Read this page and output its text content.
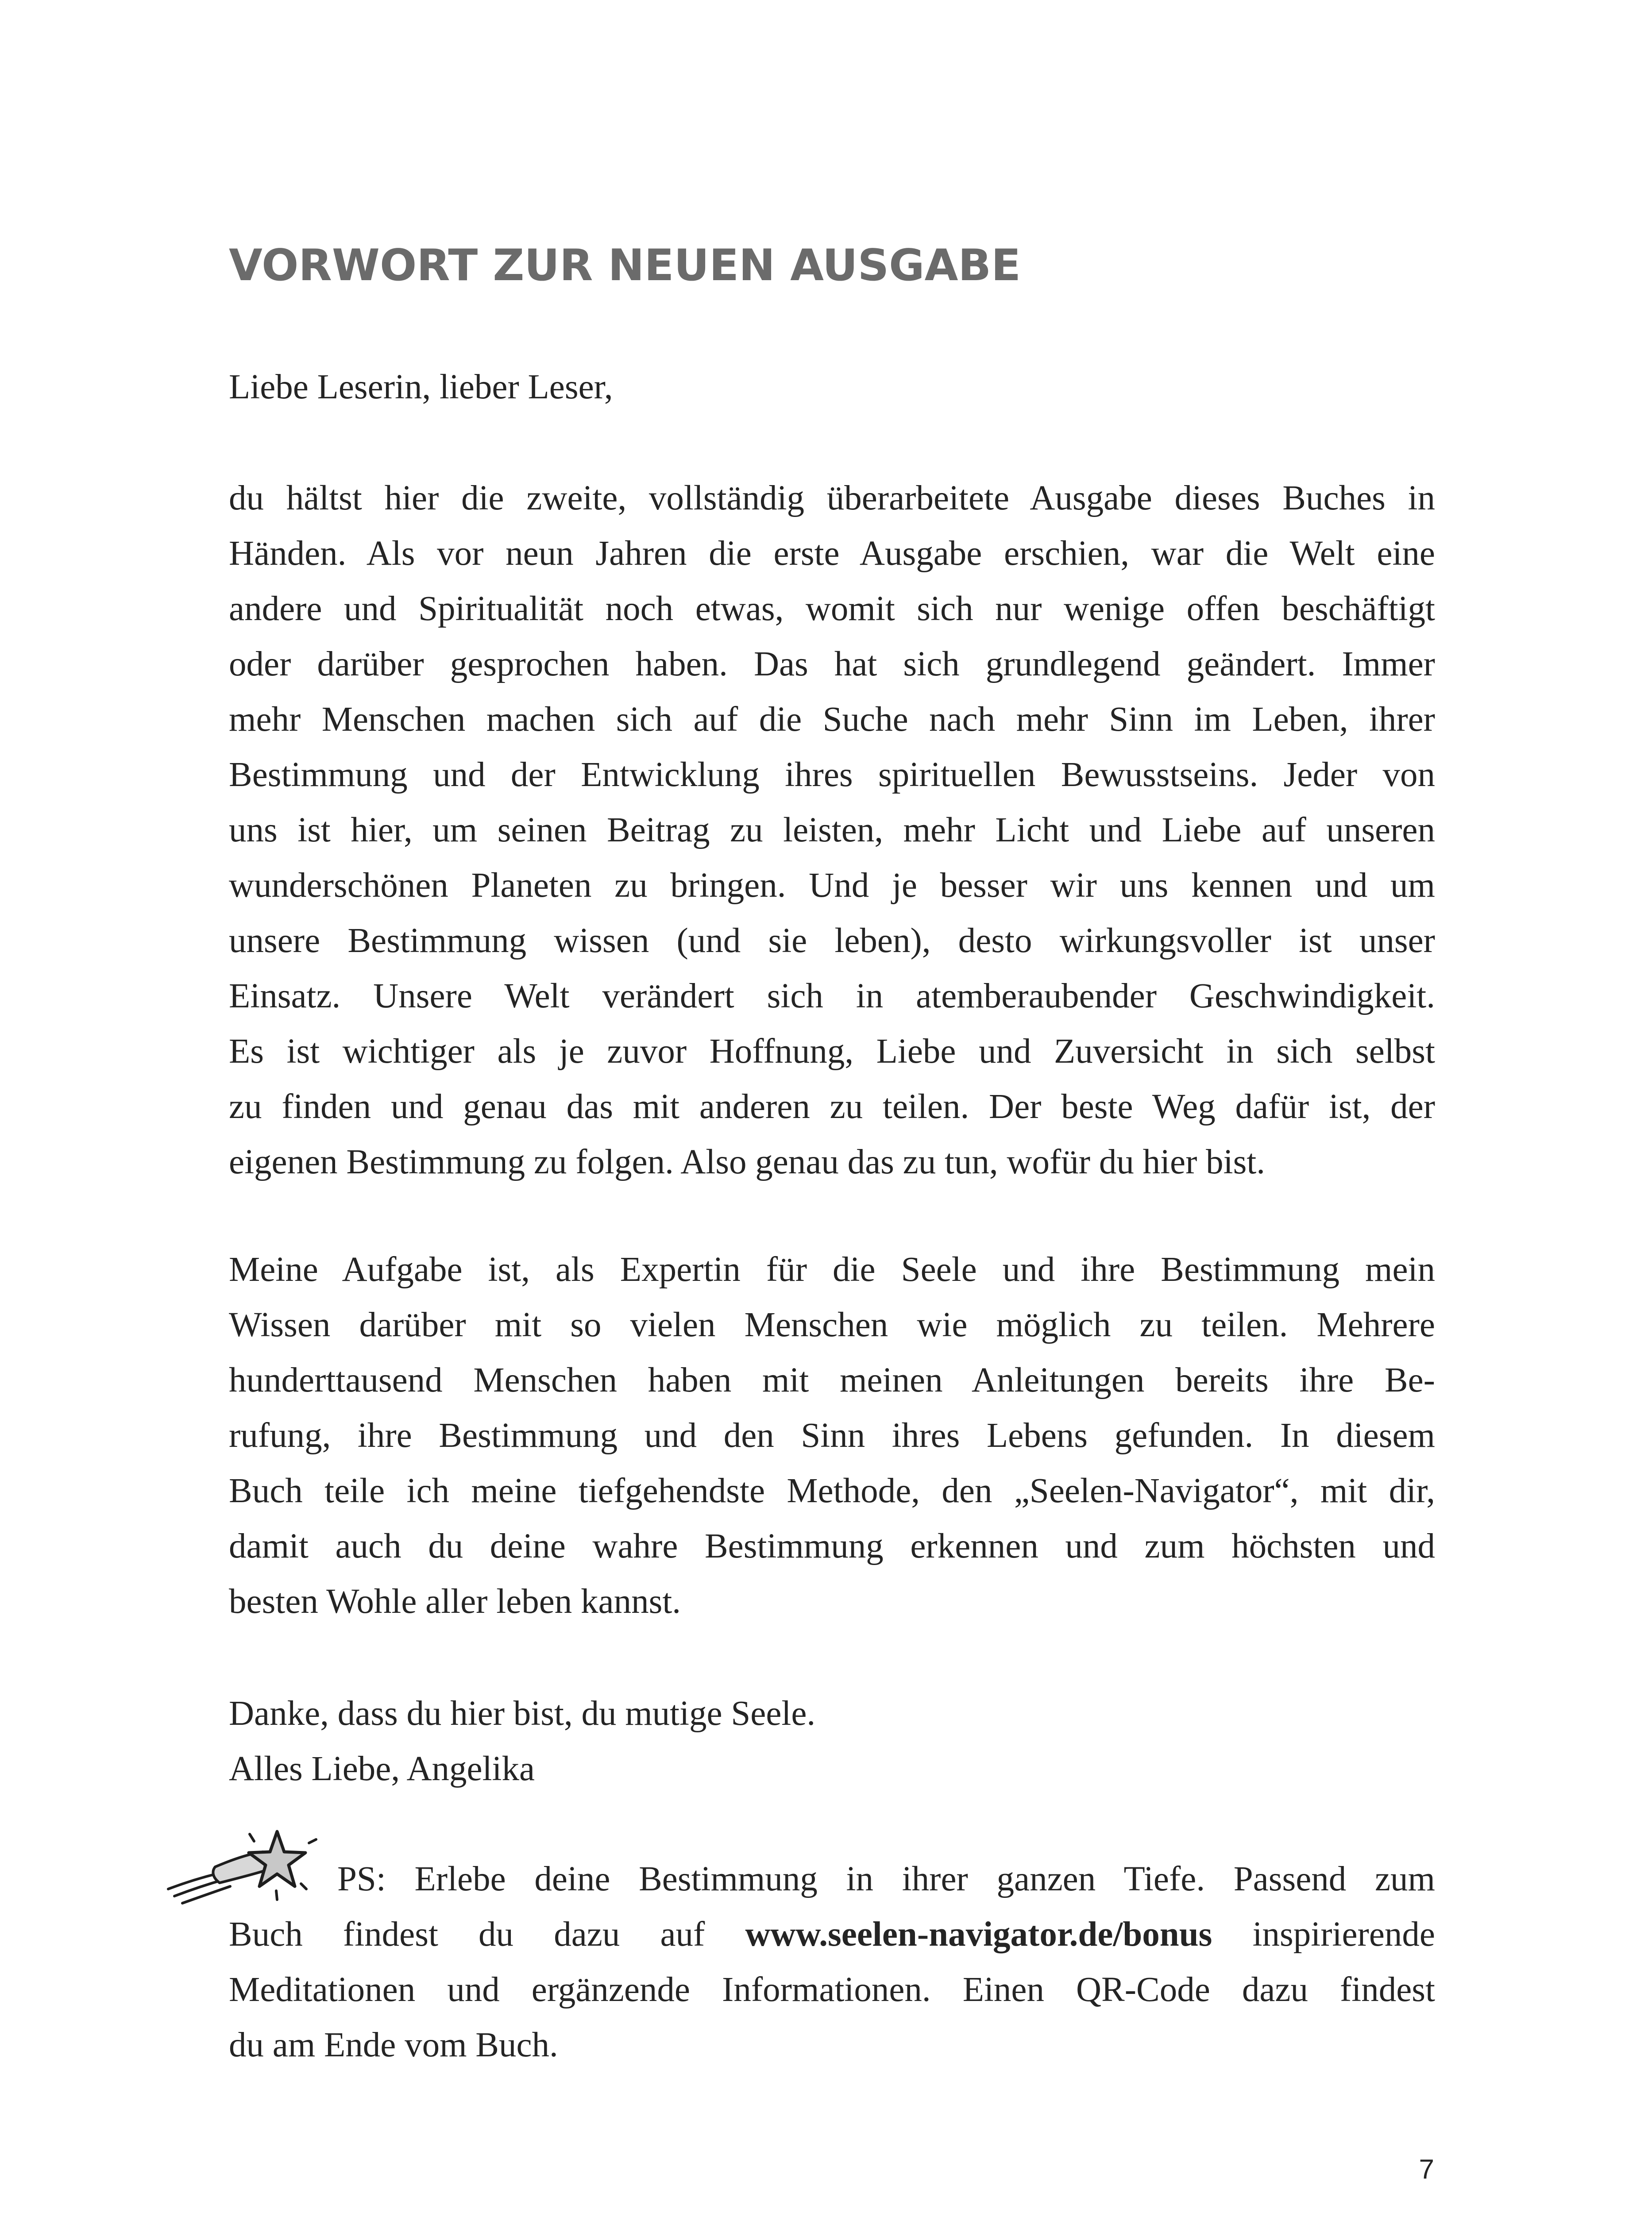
VORWORT ZUR NEUEN AUSGABE

Liebe Leserin, lieber Leser,

du hältst hier die zweite, vollständig überarbeitete Ausgabe dieses Buches in
Händen. Als vor neun Jahren die erste Ausgabe erschien, war die Welt eine
andere und Spiritualität noch etwas, womit sich nur wenige offen beschäftigt
oder darüber gesprochen haben. Das hat sich grundlegend geändert. Immer
mehr Menschen machen sich auf die Suche nach mehr Sinn im Leben, ihrer
Bestimmung und der Entwicklung ihres spirituellen Bewusstseins. Jeder von
uns ist hier, um seinen Beitrag zu leisten, mehr Licht und Liebe auf unseren
wunderschönen Planeten zu bringen. Und je besser wir uns kennen und um
unsere Bestimmung wissen (und sie leben), desto wirkungsvoller ist unser
Einsatz. Unsere Welt verändert sich in atemberaubender Geschwindigkeit.
Es ist wichtiger als je zuvor Hoffnung, Liebe und Zuversicht in sich selbst
zu finden und genau das mit anderen zu teilen. Der beste Weg dafür ist, der
eigenen Bestimmung zu folgen. Also genau das zu tun, wofür du hier bist.

Meine Aufgabe ist, als Expertin für die Seele und ihre Bestimmung mein
Wissen darüber mit so vielen Menschen wie möglich zu teilen. Mehrere
hunderttausend Menschen haben mit meinen Anleitungen bereits ihre Be-
rufung, ihre Bestimmung und den Sinn ihres Lebens gefunden. In diesem
Buch teile ich meine tiefgehendste Methode, den „Seelen-Navigator“, mit dir,
damit auch du deine wahre Bestimmung erkennen und zum höchsten und
besten Wohle aller leben kannst.

Danke, dass du hier bist, du mutige Seele.
Alles Liebe, Angelika

PS: Erlebe deine Bestimmung in ihrer ganzen Tiefe. Passend zum
Buch findest du dazu auf www.seelen-navigator.de/bonus inspirierende
Meditationen und ergänzende Informationen. Einen QR-Code dazu findest
du am Ende vom Buch.

7
